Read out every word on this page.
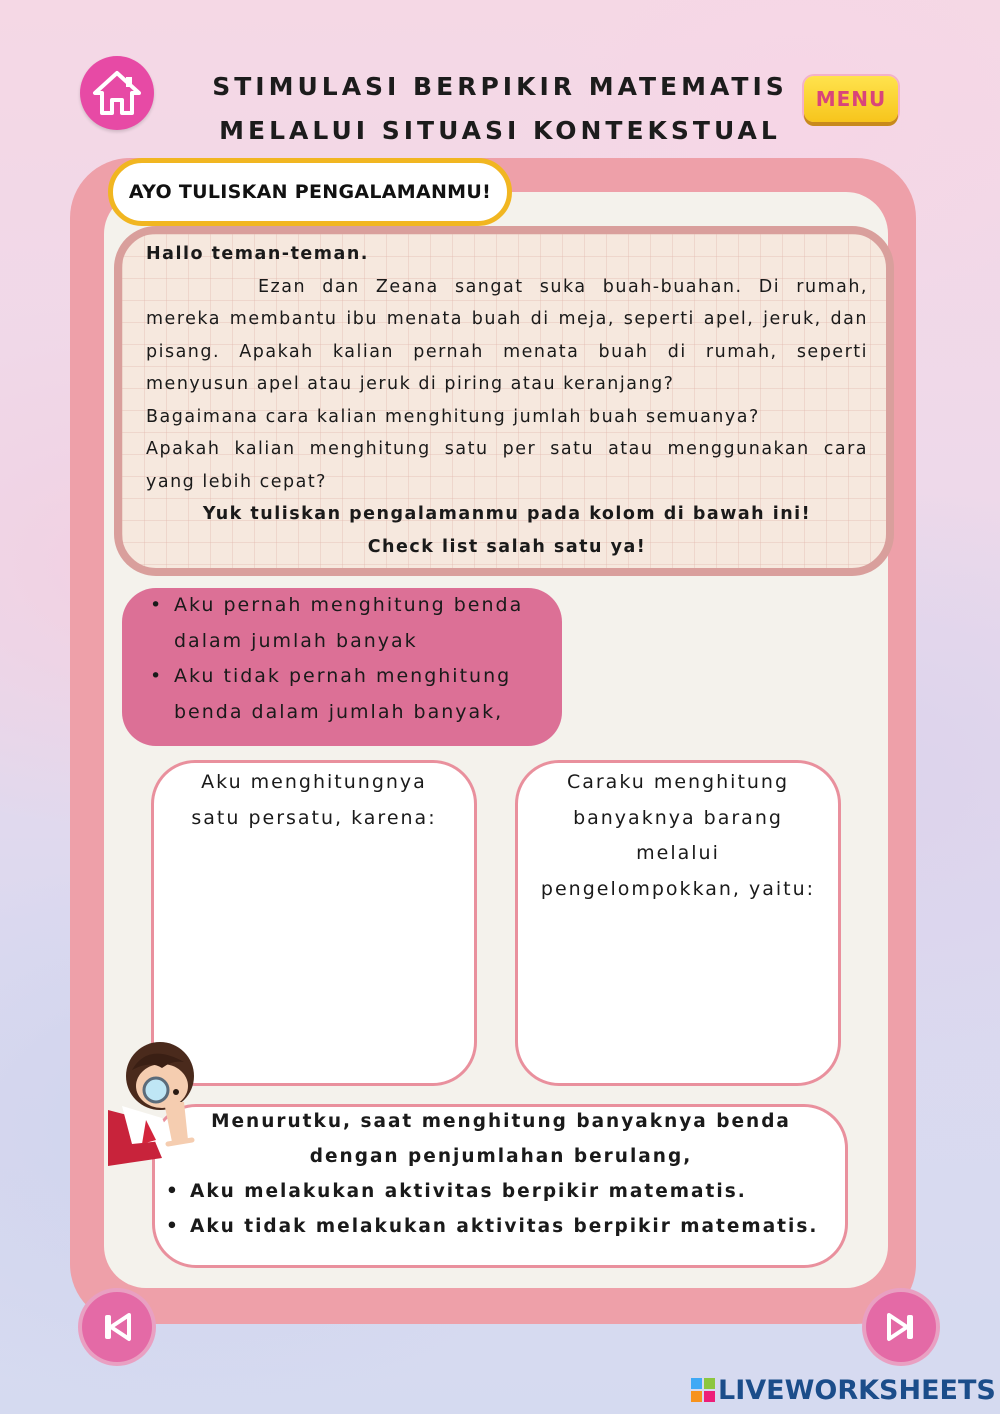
STIMULASI BERPIKIR MATEMATIS
MELALUI SITUASI KONTEKSTUAL
MENU
AYO TULISKAN PENGALAMANMU!

Hallo teman-teman.

Ezan dan Zeana sangat suka buah-buahan. Di rumah, mereka membantu ibu menata buah di meja, seperti apel, jeruk, dan pisang. Apakah kalian pernah menata buah di rumah, seperti menyusun apel atau jeruk di piring atau keranjang?

Bagaimana cara kalian menghitung jumlah buah semuanya?

Apakah kalian menghitung satu per satu atau menggunakan cara yang lebih cepat?

Yuk tuliskan pengalamanmu pada kolom di bawah ini!

Check list salah satu ya!

• Aku pernah menghitung benda dalam jumlah banyak
• Aku tidak pernah menghitung benda dalam jumlah banyak,

Aku menghitungnya satu persatu, karena:

Caraku menghitung banyaknya barang melalui pengelompokkan, yaitu:

Menurutku, saat menghitung banyaknya benda

dengan penjumlahan berulang,

• Aku melakukan aktivitas berpikir matematis.
• Aku tidak melakukan aktivitas berpikir matematis.
LIVEWORKSHEETS
